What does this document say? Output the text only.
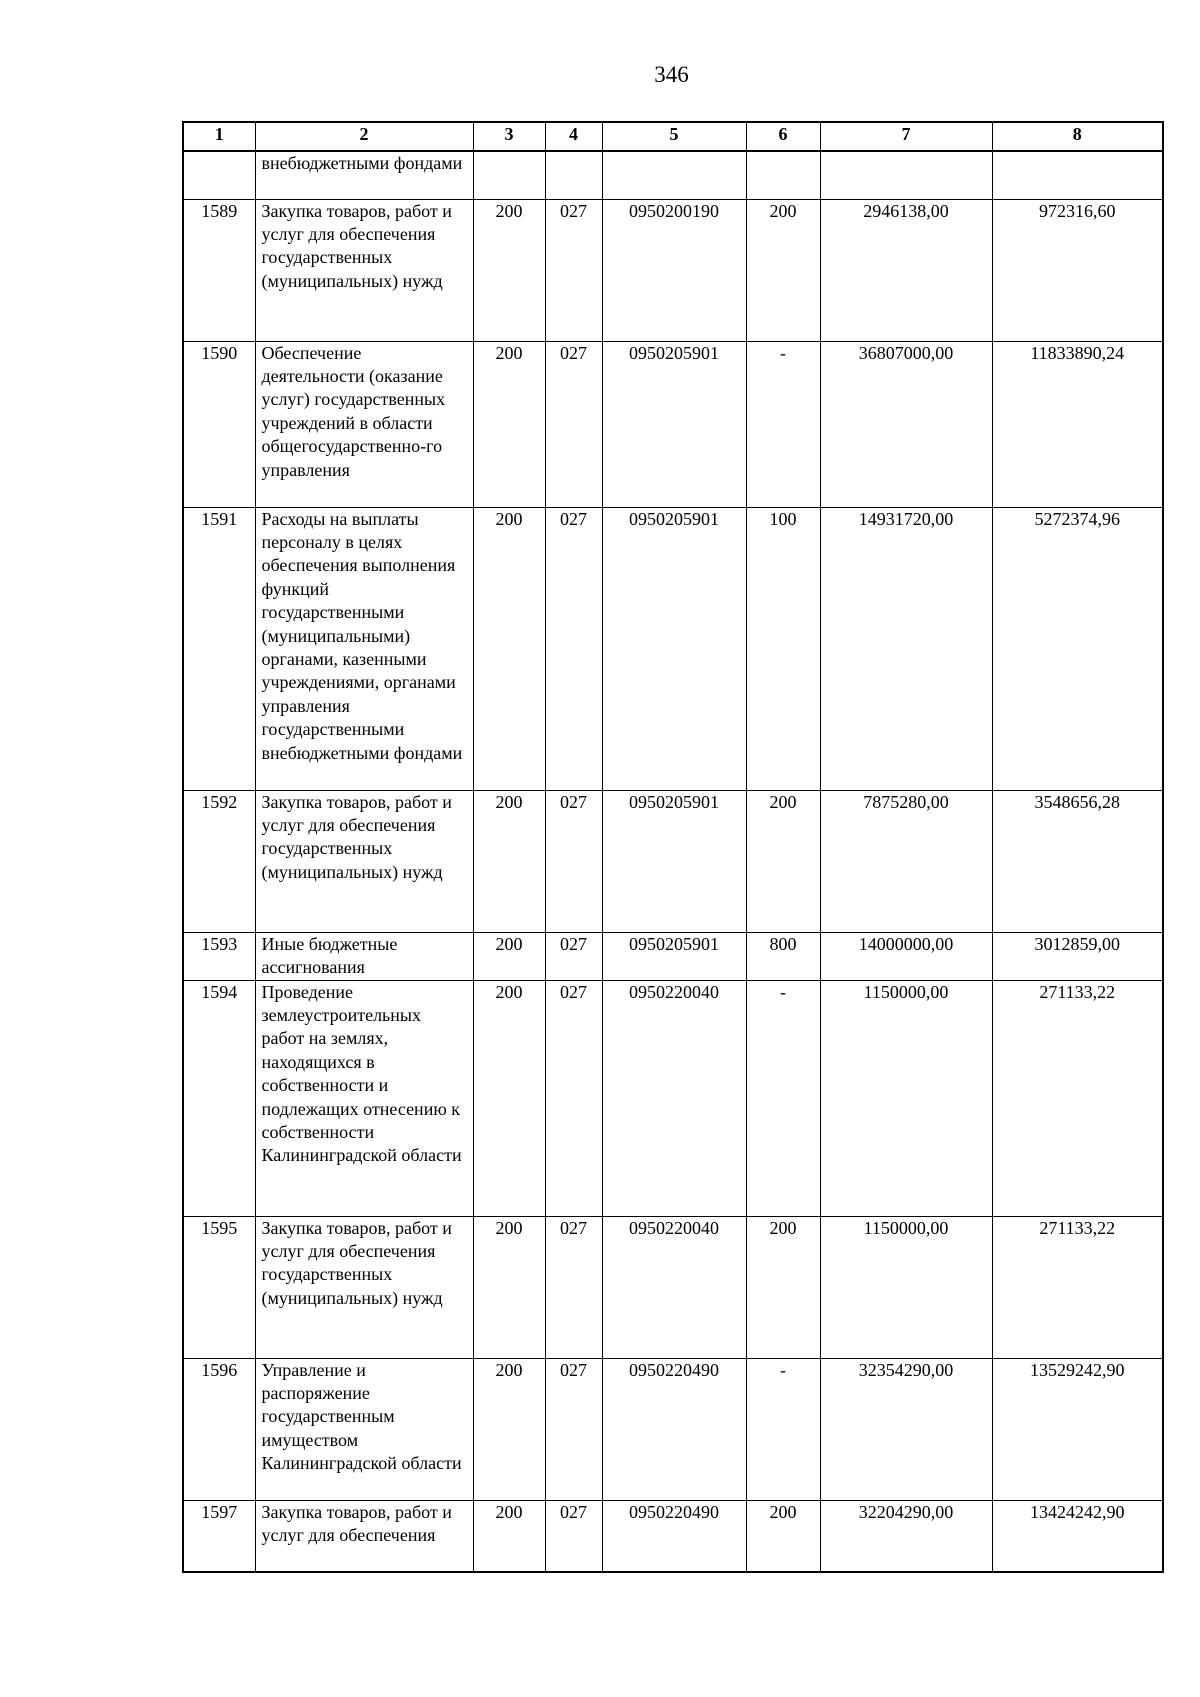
346
1	2	3	4	5	6	7	8
	внебюджетными фондами						
1589	Закупка товаров, работ и услуг для обеспечения государственных (муниципальных) нужд	200	027	0950200190	200	2946138,00	972316,60
1590	Обеспечение деятельности (оказание услуг) государственных учреждений в области общегосударственно-го управления	200	027	0950205901	-	36807000,00	11833890,24
1591	Расходы на выплаты персоналу в целях обеспечения выполнения функций государственными (муниципальными) органами, казенными учреждениями, органами управления государственными внебюджетными фондами	200	027	0950205901	100	14931720,00	5272374,96
1592	Закупка товаров, работ и услуг для обеспечения государственных (муниципальных) нужд	200	027	0950205901	200	7875280,00	3548656,28
1593	Иные бюджетные ассигнования	200	027	0950205901	800	14000000,00	3012859,00
1594	Проведение землеустроительных работ на землях, находящихся в собственности и подлежащих отнесению к собственности Калининградской области	200	027	0950220040	-	1150000,00	271133,22
1595	Закупка товаров, работ и услуг для обеспечения государственных (муниципальных) нужд	200	027	0950220040	200	1150000,00	271133,22
1596	Управление и распоряжение государственным имуществом Калининградской области	200	027	0950220490	-	32354290,00	13529242,90
1597	Закупка товаров, работ и услуг для обеспечения	200	027	0950220490	200	32204290,00	13424242,90
